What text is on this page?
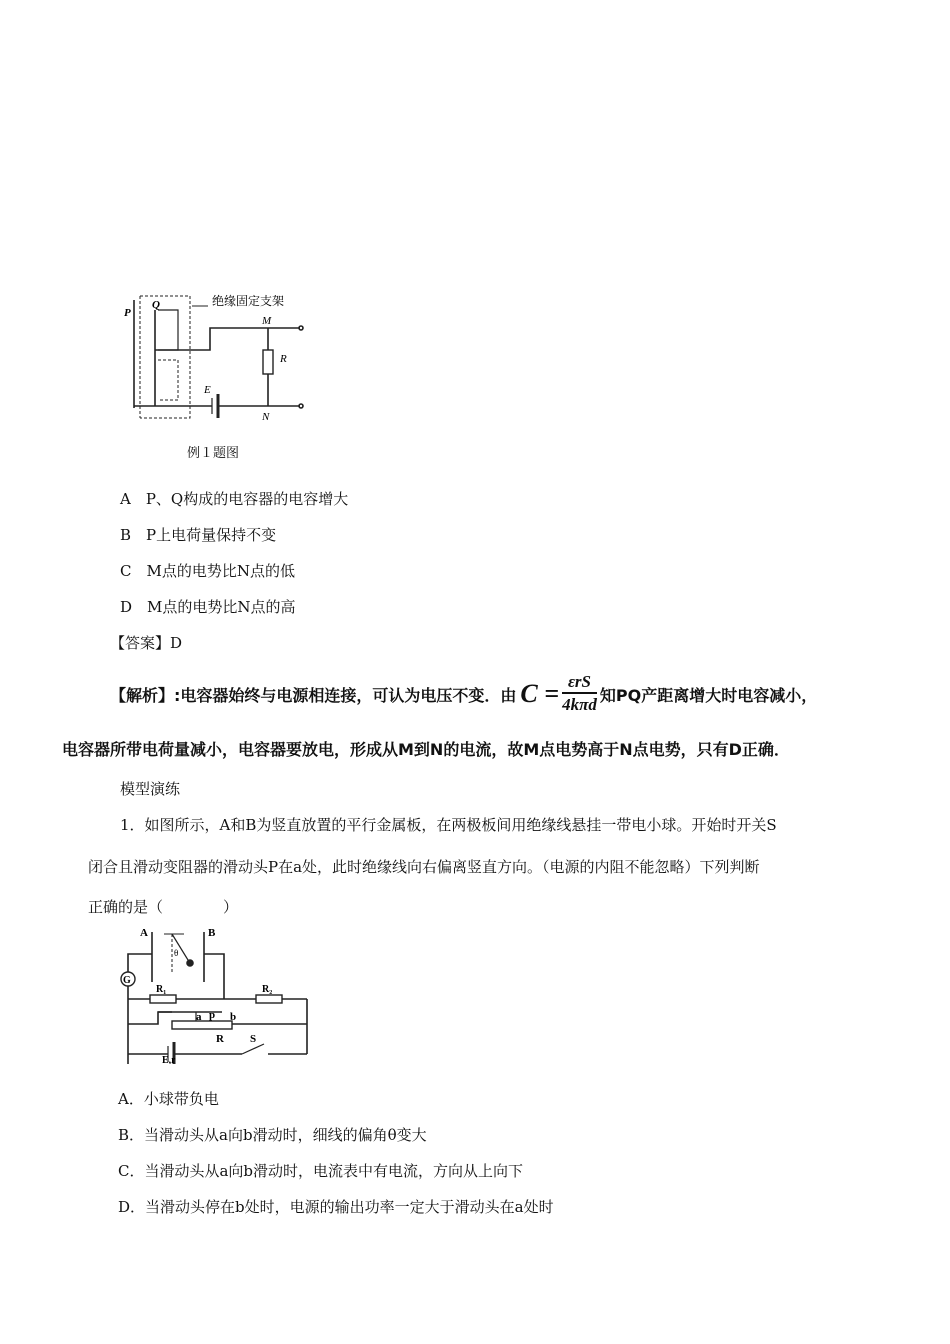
绝缘固定支架
P
Q
M
R
E
N
例１题图
A　P、Q构成的电容器的电容增大
B　P上电荷量保持不变
C　M点的电势比N点的低
D　M点的电势比N点的高
【答案】D
【解析】: 电容器始终与电源相连接，可认为电压不变．由 $C = \frac{\text{εrS}}{\text{4kπd}}$ 知PQ产距离增大时电容减小，
电容器所带电荷量减小，电容器要放电，形成从M到N的电流，故M点电势高于N点电势，只有D正确．
模型演练
1．如图所示，A和B为竖直放置的平行金属板，在两极板间用绝缘线悬挂一带电小球。开始时开关S
闭合且滑动变阻器的滑动头P在a处，此时绝缘线向右偏离竖直方向。（电源的内阻不能忽略）下列判断
正确的是（　　　　）
G
A	B
θ
R₁	R₂
a p b
R S
E,r
A．小球带负电
B．当滑动头从a向b滑动时，细线的偏角θ变大
C．当滑动头从a向b滑动时，电流表中有电流，方向从上向下
D．当滑动头停在b处时，电源的输出功率一定大于滑动头在a处时
